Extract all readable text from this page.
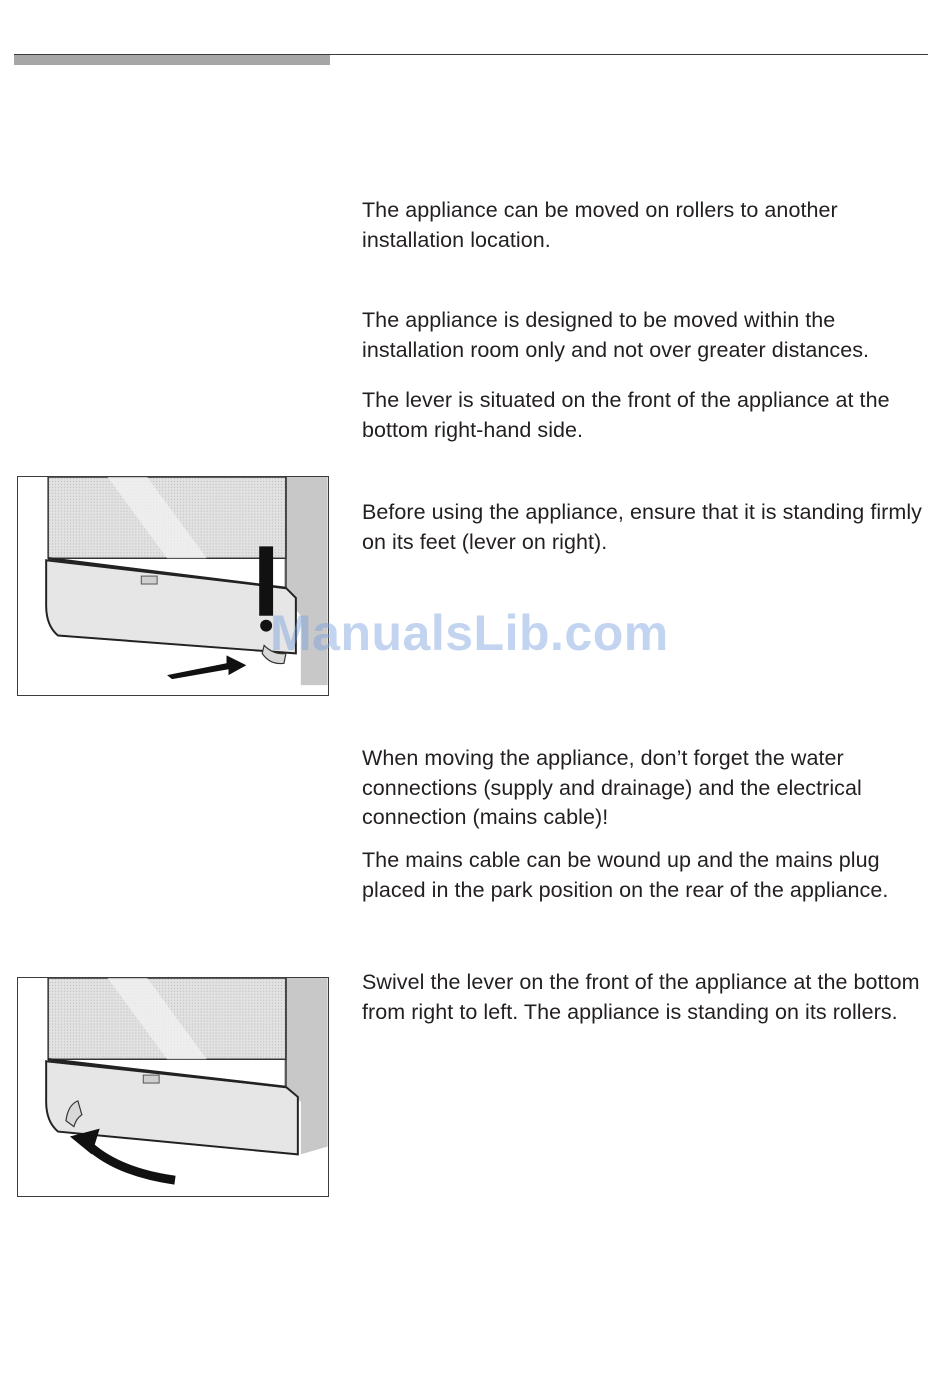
The appliance can be moved on rollers to another installation location.

The appliance is designed to be moved within the installation room only and not over greater distances.

The lever is situated on the front of the appliance at the bottom right-hand side.

Before using the appliance, ensure that it is standing firmly on its feet (lever on right).

When moving the appliance, don’t forget the water connections (supply and drainage) and the electrical connection (mains cable)!

The mains cable can be wound up and the mains plug placed in the park position on the rear of the appliance.

Swivel the lever on the front of the appliance at the bottom from right to left. The appliance is standing on its rollers.

ManualsLib.com
